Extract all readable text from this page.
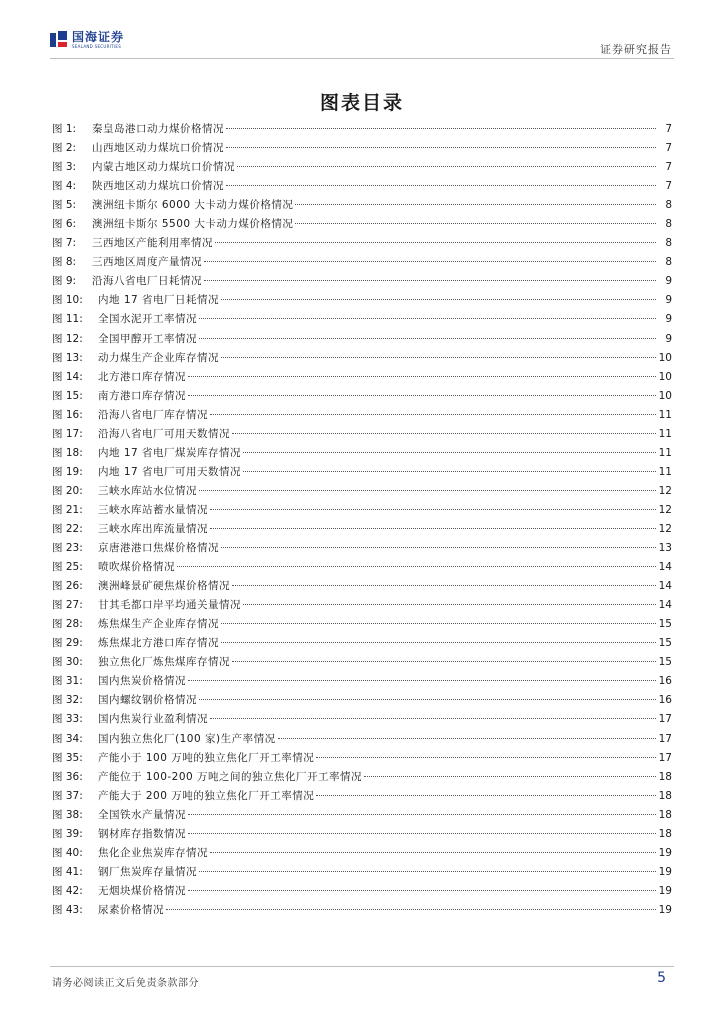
国海证券
SEALAND SECURITIES	证券研究报告
图表目录
图 1:	秦皇岛港口动力煤价格情况	7
图 2:	山西地区动力煤坑口价情况	7
图 3:	内蒙古地区动力煤坑口价情况	7
图 4:	陕西地区动力煤坑口价情况	7
图 5:	澳洲纽卡斯尔 6000 大卡动力煤价格情况	8
图 6:	澳洲纽卡斯尔 5500 大卡动力煤价格情况	8
图 7:	三西地区产能利用率情况	8
图 8:	三西地区周度产量情况	8
图 9:	沿海八省电厂日耗情况	9
图 10:	内地 17 省电厂日耗情况	9
图 11:	全国水泥开工率情况	9
图 12:	全国甲醇开工率情况	9
图 13:	动力煤生产企业库存情况	10
图 14:	北方港口库存情况	10
图 15:	南方港口库存情况	10
图 16:	沿海八省电厂库存情况	11
图 17:	沿海八省电厂可用天数情况	11
图 18:	内地 17 省电厂煤炭库存情况	11
图 19:	内地 17 省电厂可用天数情况	11
图 20:	三峡水库站水位情况	12
图 21:	三峡水库站蓄水量情况	12
图 22:	三峡水库出库流量情况	12
图 23:	京唐港港口焦煤价格情况	13
图 25:	喷吹煤价格情况	14
图 26:	澳洲峰景矿硬焦煤价格情况	14
图 27:	甘其毛都口岸平均通关量情况	14
图 28:	炼焦煤生产企业库存情况	15
图 29:	炼焦煤北方港口库存情况	15
图 30:	独立焦化厂炼焦煤库存情况	15
图 31:	国内焦炭价格情况	16
图 32:	国内螺纹钢价格情况	16
图 33:	国内焦炭行业盈利情况	17
图 34:	国内独立焦化厂(100 家)生产率情况	17
图 35:	产能小于 100 万吨的独立焦化厂开工率情况	17
图 36:	产能位于 100-200 万吨之间的独立焦化厂开工率情况	18
图 37:	产能大于 200 万吨的独立焦化厂开工率情况	18
图 38:	全国铁水产量情况	18
图 39:	钢材库存指数情况	18
图 40:	焦化企业焦炭库存情况	19
图 41:	钢厂焦炭库存量情况	19
图 42:	无烟块煤价格情况	19
图 43:	尿素价格情况	19
请务必阅读正文后免责条款部分	5
